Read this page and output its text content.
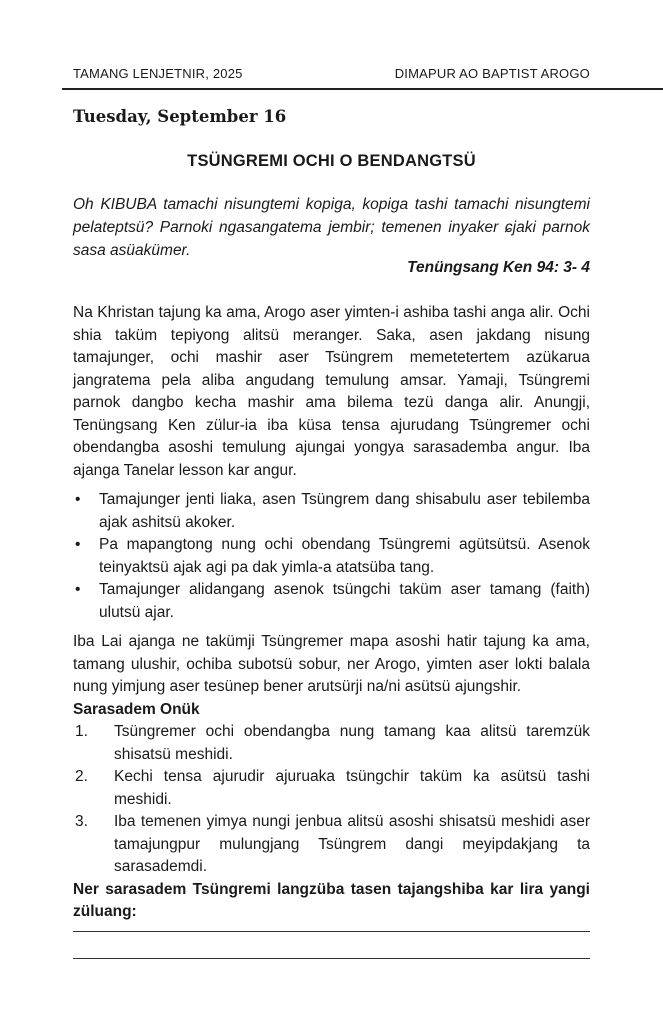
TAMANG LENJETNIR, 2025	DIMAPUR AO BAPTIST AROGO
Tuesday, September 16
TSÜNGREMI OCHI O BENDANGTSÜ
Oh KIBUBA tamachi nisungtemi kopiga, kopiga tashi tamachi nisungtemi pelateptsü? Parnoki ngasangatema jembir; temenen inyaker ɕjaki parnok sasa asüakümer.
Tenüngsang Ken 94: 3- 4

Na Khristan tajung ka ama, Arogo aser yimten-i ashiba tashi anga alir. Ochi shia taküm tepiyong alitsü meranger. Saka, asen jakdang nisung tamajunger, ochi mashir aser Tsüngrem memetetertem azükarua jangratema pela aliba angudang temulung amsar. Yamaji, Tsüngremi parnok dangbo kecha mashir ama bilema tezü danga alir. Anungji, Tenüngsang Ken zülur-ia iba küsa tensa ajurudang Tsüngremer ochi obendangba asoshi temulung ajungai yongya sarasademba angur. Iba ajanga Tanelar lesson kar angur.

• Tamajunger jenti liaka, asen Tsüngrem dang shisabulu aser tebilemba ajak ashitsü akoker.
• Pa mapangtong nung ochi obendang Tsüngremi agütsütsü. Asenok teinyaktsü ajak agi pa dak yimla-a atatsüba tang.
• Tamajunger alidangang asenok tsüngchi taküm aser tamang (faith) ulutsü ajar.

Iba Lai ajanga ne takümji Tsüngremer mapa asoshi hatir tajung ka ama, tamang ulushir, ochiba subotsü sobur, ner Arogo, yimten aser lokti balala nung yimjung aser tesünep bener arutsürji na/ni asütsü ajungshir.

Sarasadem Onük

1. Tsüngremer ochi obendangba nung tamang kaa alitsü taremzük shisatsü meshidi.
2. Kechi tensa ajurudir ajuruaka tsüngchir taküm ka asütsü tashi meshidi.
3. Iba temenen yimya nungi jenbua alitsü asoshi shisatsü meshidi aser tamajungpur mulungjang Tsüngrem dangi meyipdakjang ta sarasademdi.

Ner sarasadem Tsüngremi langzüba tasen tajangshiba kar lira yangi züluang:
